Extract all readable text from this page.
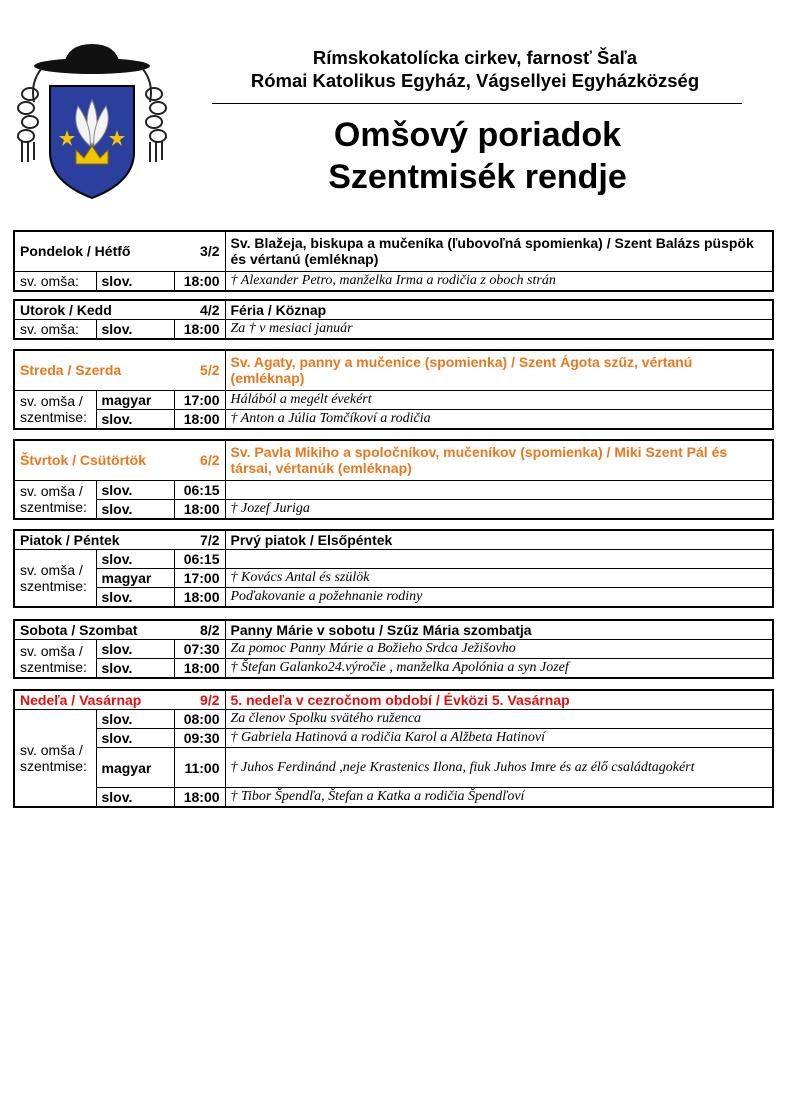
Rímskokatolícka cirkev, farnosť Šaľa
Római Katolikus Egyház, Vágsellyei Egyházközség
Omšový poriadok
Szentmisék rendje
Pondelok / Hétfő		3/2	Sv. Blažeja, biskupa a mučeníka (ľubovoľná spomienka) / Szent Balázs püspök és vértanú (emléknap)
sv. omša:	slov.	18:00	† Alexander Petro, manželka Irma a rodičia z oboch strán
Utorok / Kedd		4/2	Féria / Köznap
sv. omša:	slov.	18:00	Za † v mesiaci január
Streda / Szerda		5/2	Sv. Agaty, panny a mučenice (spomienka) / Szent Ágota szűz, vértanú (emléknap)
sv. omša / szentmise:	magyar	17:00	Hálából a megélt évekért
	slov.	18:00	† Anton a Júlia Tomčíkoví a rodičia
Štvrtok / Csütörtök		6/2	Sv. Pavla Mikiho a spoločníkov, mučeníkov (spomienka) / Miki Szent Pál és társai, vértanúk (emléknap)
sv. omša / szentmise:	slov.	06:15	
	slov.	18:00	† Jozef Juriga
Piatok / Péntek		7/2	Prvý piatok / Elsőpéntek
sv. omša / szentmise:	slov.	06:15	
	magyar	17:00	† Kovács Antal és szülök
	slov.	18:00	Poďakovanie a požehnanie rodiny
Sobota / Szombat		8/2	Panny Márie v sobotu / Szűz Mária szombatja
sv. omša / szentmise:	slov.	07:30	Za pomoc Panny Márie a Božieho Srdca Ježišovho
	slov.	18:00	† Štefan Galanko24.výročie , manželka Apolónia a syn Jozef
Nedeľa / Vasárnap		9/2	5. nedeľa v cezročnom období / Évközi 5. Vasárnap
sv. omša / szentmise:	slov.	08:00	Za členov Spolku svätého ruženca
	slov.	09:30	† Gabriela Hatinová a rodičia Karol a Alžbeta Hatinoví
	magyar	11:00	† Juhos Ferdinánd ,neje Krastenics Ilona, fiuk Juhos Imre és az élő családtagokért
	slov.	18:00	† Tibor Špendľa, Štefan a Katka a rodičia Špendľoví
